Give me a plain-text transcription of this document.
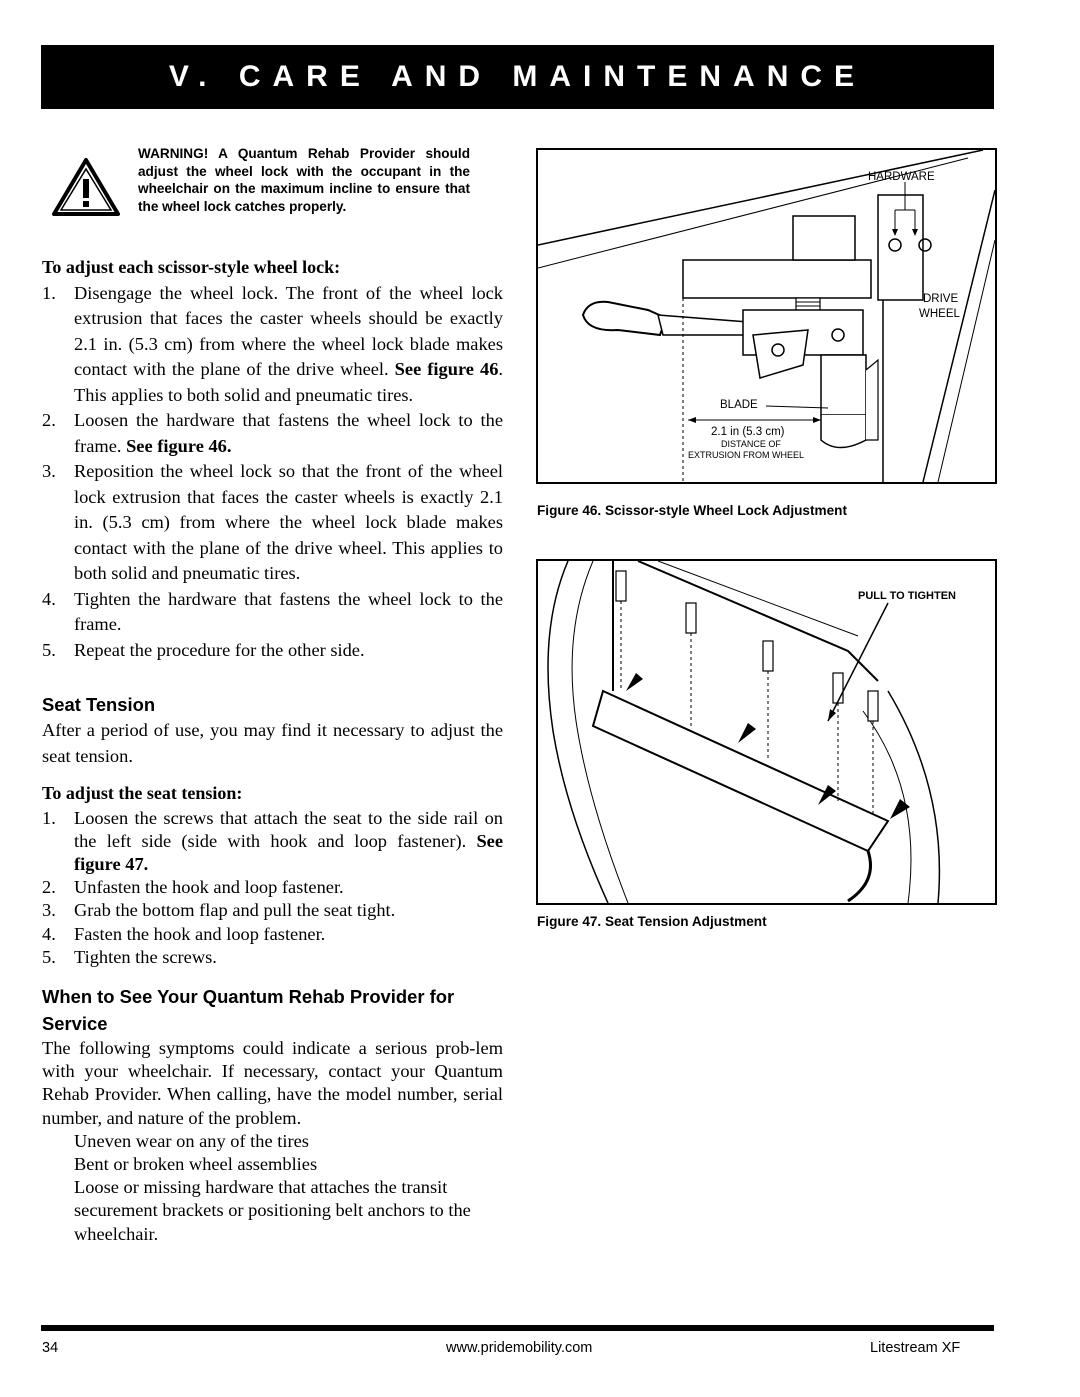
V. CARE AND MAINTENANCE
WARNING! A Quantum Rehab Provider should adjust the wheel lock with the occupant in the wheelchair on the maximum incline to ensure that the wheel lock catches properly.

To adjust each scissor-style wheel lock:

1. Disengage the wheel lock. The front of the wheel lock extrusion that faces the caster wheels should be exactly 2.1 in. (5.3 cm) from where the wheel lock blade makes contact with the plane of the drive wheel. See figure 46. This applies to both solid and pneumatic tires.
2. Loosen the hardware that fastens the wheel lock to the frame. See figure 46.
3. Reposition the wheel lock so that the front of the wheel lock extrusion that faces the caster wheels is exactly 2.1 in. (5.3 cm) from where the wheel lock blade makes contact with the plane of the drive wheel. This applies to both solid and pneumatic tires.
4. Tighten the hardware that fastens the wheel lock to the frame.
5. Repeat the procedure for the other side.
Seat Tension

After a period of use, you may find it necessary to adjust the seat tension.

To adjust the seat tension:

1. Loosen the screws that attach the seat to the side rail on the left side (side with hook and loop fastener). See figure 47.
2. Unfasten the hook and loop fastener.
3. Grab the bottom flap and pull the seat tight.
4. Fasten the hook and loop fastener.
5. Tighten the screws.
When to See Your Quantum Rehab Provider for Service

The following symptoms could indicate a serious prob-lem with your wheelchair. If necessary, contact your Quantum Rehab Provider. When calling, have the model number, serial number, and nature of the problem.

Uneven wear on any of the tires
Bent or broken wheel assemblies
Loose or missing hardware that attaches the transit securement brackets or positioning belt anchors to the wheelchair.
HARDWARE
DRIVE
WHEEL
BLADE
2.1 in (5.3 cm)
DISTANCE OF
EXTRUSION FROM WHEEL
Figure 46. Scissor-style Wheel Lock Adjustment
PULL TO TIGHTEN
Figure 47. Seat Tension Adjustment
34	www.pridemobility.com	Litestream XF
